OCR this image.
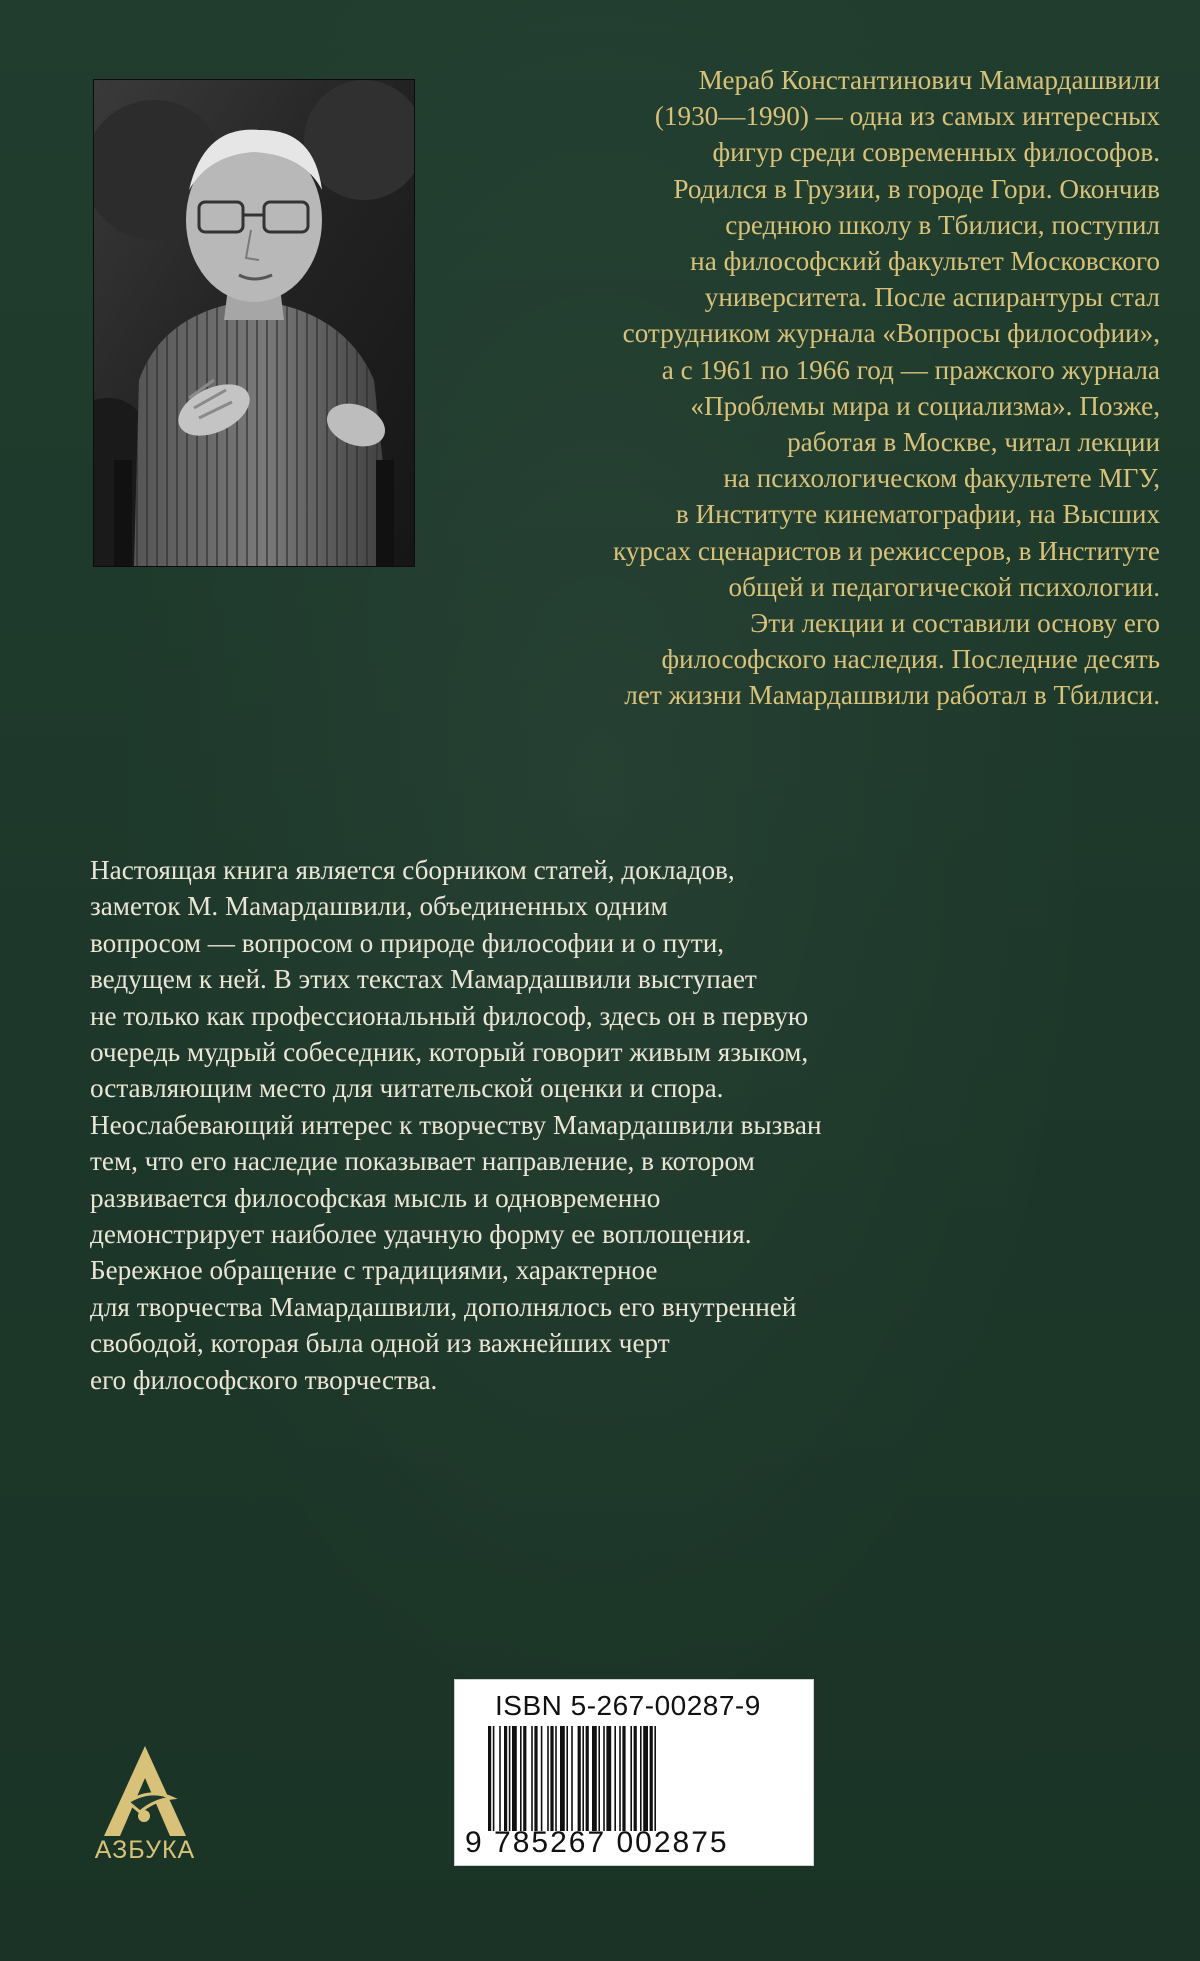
Мераб Константинович Мамардашвили
(1930—1990) — одна из самых интересных
фигур среди современных философов.
Родился в Грузии, в городе Гори. Окончив
среднюю школу в Тбилиси, поступил
на философский факультет Московского
университета. После аспирантуры стал
сотрудником журнала «Вопросы философии»,
а с 1961 по 1966 год — пражского журнала
«Проблемы мира и социализма». Позже,
работая в Москве, читал лекции
на психологическом факультете МГУ,
в Институте кинематографии, на Высших
курсах сценаристов и режиссеров, в Институте
общей и педагогической психологии.
Эти лекции и составили основу его
философского наследия. Последние десять
лет жизни Мамардашвили работал в Тбилиси.
Настоящая книга является сборником статей, докладов,
заметок М. Мамардашвили, объединенных одним
вопросом — вопросом о природе философии и о пути,
ведущем к ней. В этих текстах Мамардашвили выступает
не только как профессиональный философ, здесь он в первую
очередь мудрый собеседник, который говорит живым языком,
оставляющим место для читательской оценки и спора.
Неослабевающий интерес к творчеству Мамардашвили вызван
тем, что его наследие показывает направление, в котором
развивается философская мысль и одновременно
демонстрирует наиболее удачную форму ее воплощения.
Бережное обращение с традициями, характерное
для творчества Мамардашвили, дополнялось его внутренней
свободой, которая была одной из важнейших черт
его философского творчества.
АЗБУКА
ISBN 5-267-00287-9
9 785267 002875
